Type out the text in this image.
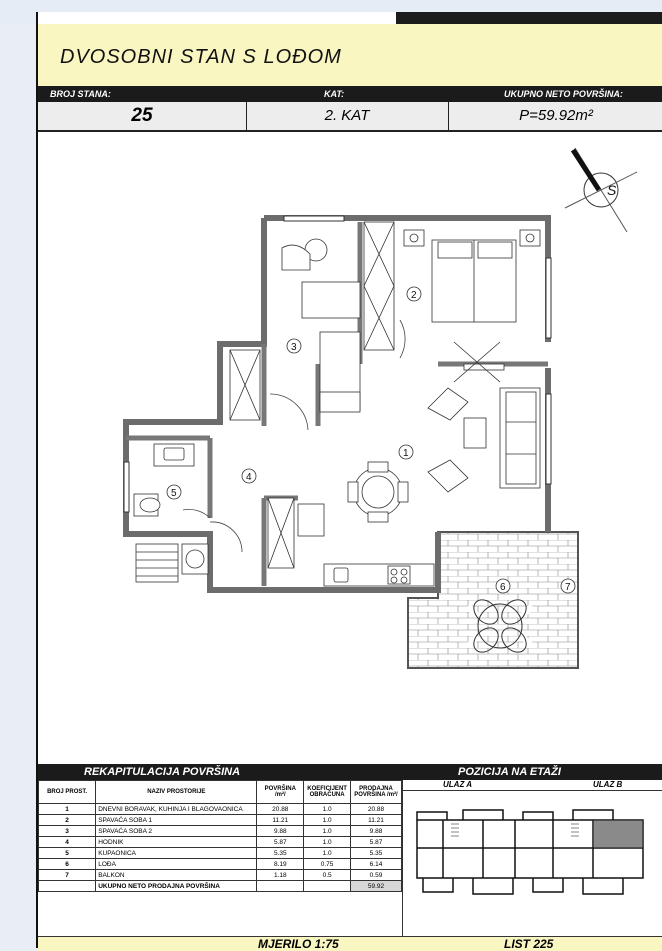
DVOSOBNI STAN S LOĐOM
BROJ STANA:	KAT:	UKUPNO NETO POVRŠINA:
25	2. KAT	P=59.92m²
S
1
2
3
4
5
6	7
REKAPITULACIJA POVRŠINA	POZICIJA NA ETAŽI
BROJ PROST.	NAZIV PROSTORIJE	POVRŠINA /m²/	KOEFICIJENT OBRAČUNA	PRODAJNA POVRŠINA /m²/
1	DNEVNI BORAVAK, KUHINJA I BLAGOVAONICA	20.88	1.0	20.88
2	SPAVAĆA SOBA 1	11.21	1.0	11.21
3	SPAVAĆA SOBA 2	9.88	1.0	9.88
4	HODNIK	5.87	1.0	5.87
5	KUPAONICA	5.35	1.0	5.35
6	LOĐA	8.19	0.75	6.14
7	BALKON	1.18	0.5	0.59
	UKUPNO NETO PRODAJNA POVRŠINA			59.92
ULAZ A	ULAZ B
MJERILO 1:75	LIST 225
